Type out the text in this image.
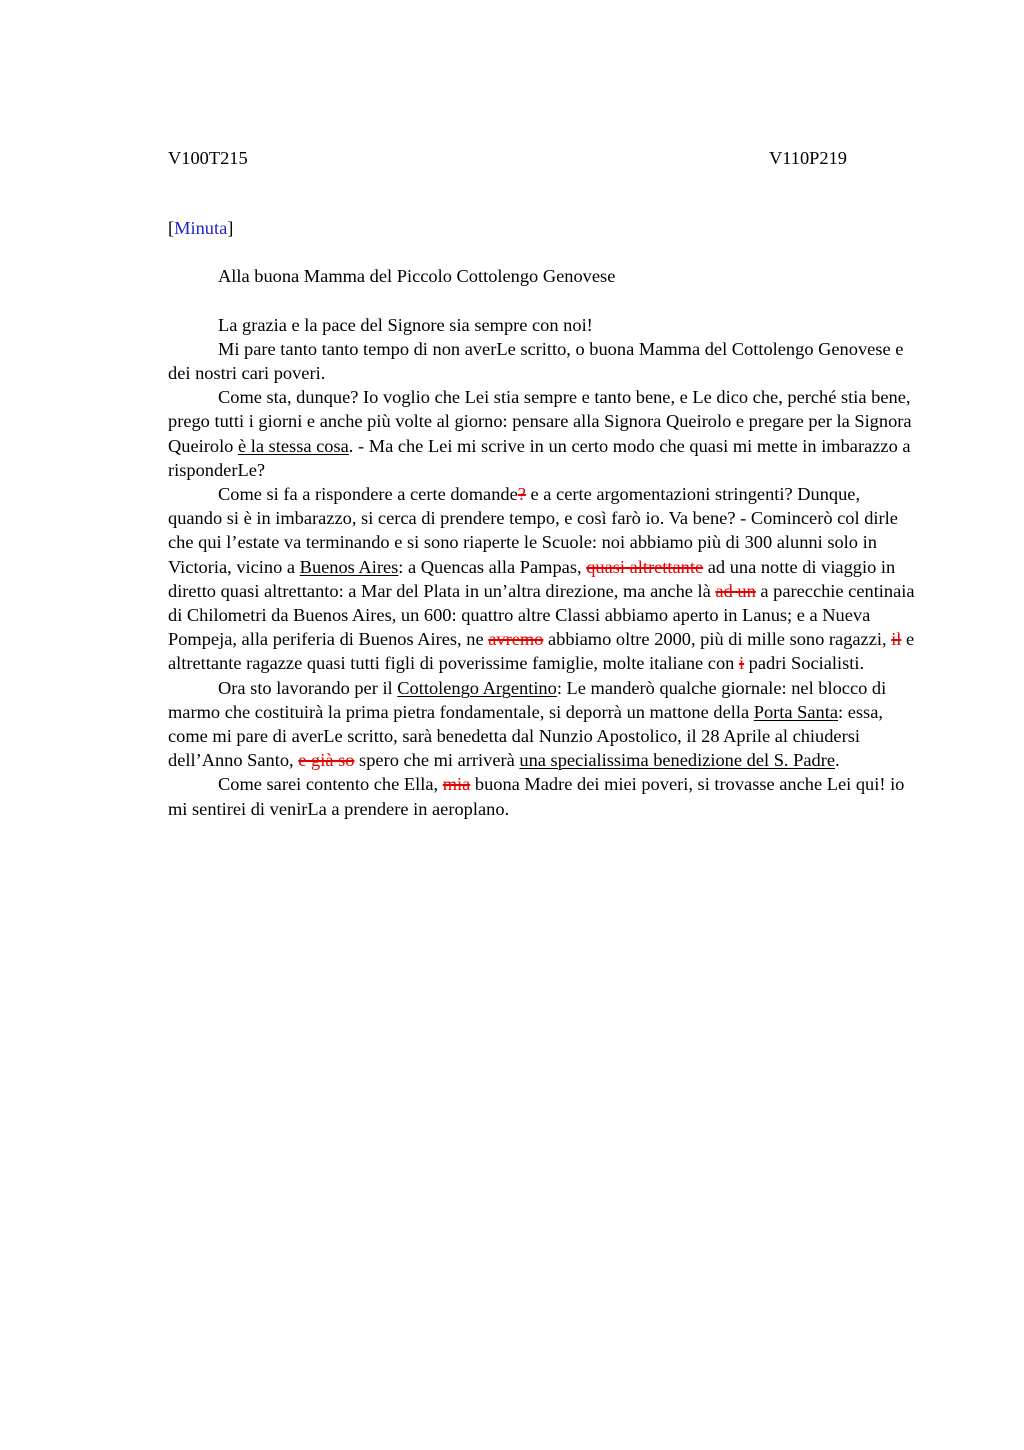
V100T215	V110P219

[Minuta]

Alla buona Mamma del Piccolo Cottolengo Genovese

La grazia e la pace del Signore sia sempre con noi!

Mi pare tanto tanto tempo di non averLe scritto, o buona Mamma del Cottolengo Genovese e dei nostri cari poveri.

Come sta, dunque? Io voglio che Lei stia sempre e tanto bene, e Le dico che, perché stia bene, prego tutti i giorni e anche più volte al giorno: pensare alla Signora Queirolo e pregare per la Signora Queirolo è la stessa cosa. - Ma che Lei mi scrive in un certo modo che quasi mi mette in imbarazzo a risponderLe?

Come si fa a rispondere a certe domande? e a certe argomentazioni stringenti? Dunque, quando si è in imbarazzo, si cerca di prendere tempo, e così farò io. Va bene? - Comincerò col dirle che qui l’estate va terminando e si sono riaperte le Scuole: noi abbiamo più di 300 alunni solo in Victoria, vicino a Buenos Aires: a Quencas alla Pampas, quasi altrettante ad una notte di viaggio in diretto quasi altrettanto: a Mar del Plata in un’altra direzione, ma anche là ad un a parecchie centinaia di Chilometri da Buenos Aires, un 600: quattro altre Classi abbiamo aperto in Lanus; e a Nueva Pompeja, alla periferia di Buenos Aires, ne avremo abbiamo oltre 2000, più di mille sono ragazzi, il e altrettante ragazze quasi tutti figli di poverissime famiglie, molte italiane con i padri Socialisti.

Ora sto lavorando per il Cottolengo Argentino: Le manderò qualche giornale: nel blocco di marmo che costituirà la prima pietra fondamentale, si deporrà un mattone della Porta Santa: essa, come mi pare di averLe scritto, sarà benedetta dal Nunzio Apostolico, il 28 Aprile al chiudersi dell’Anno Santo, e già so spero che mi arriverà una specialissima benedizione del S. Padre.

Come sarei contento che Ella, mia buona Madre dei miei poveri, si trovasse anche Lei qui! io mi sentirei di venirLa a prendere in aeroplano.
